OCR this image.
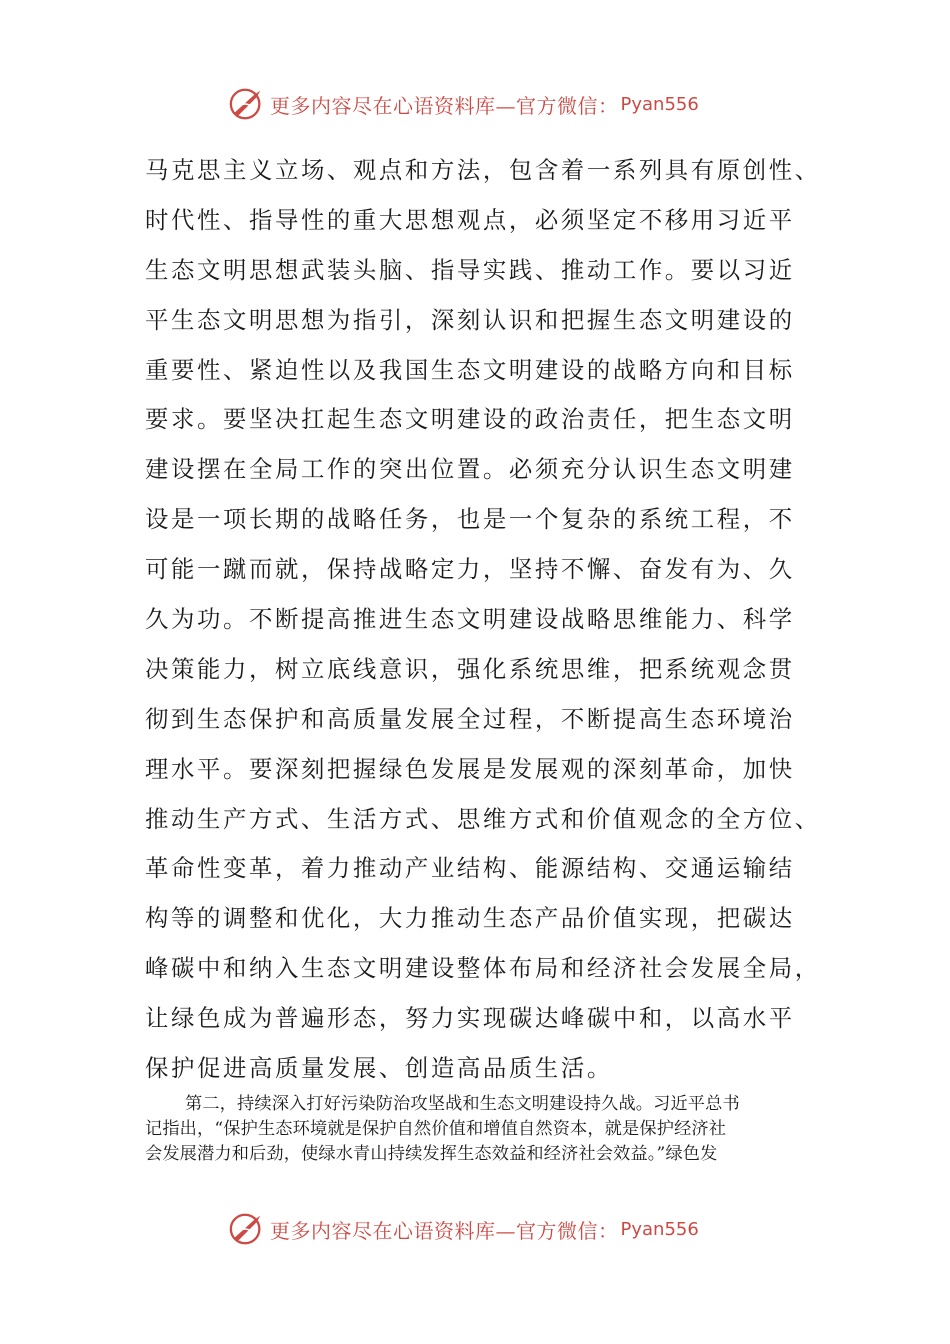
更多内容尽在心语资料库—官方微信： Pyan556
马克思主义立场、观点和方法，包含着一系列具有原创性、
时代性、指导性的重大思想观点，必须坚定不移用习近平
生态文明思想武装头脑、指导实践、推动工作。要以习近
平生态文明思想为指引，深刻认识和把握生态文明建设的
重要性、紧迫性以及我国生态文明建设的战略方向和目标
要求。要坚决扛起生态文明建设的政治责任，把生态文明
建设摆在全局工作的突出位置。必须充分认识生态文明建
设是一项长期的战略任务，也是一个复杂的系统工程，不
可能一蹴而就，保持战略定力，坚持不懈、奋发有为、久
久为功。不断提高推进生态文明建设战略思维能力、科学
决策能力，树立底线意识，强化系统思维，把系统观念贯
彻到生态保护和高质量发展全过程，不断提高生态环境治
理水平。要深刻把握绿色发展是发展观的深刻革命，加快
推动生产方式、生活方式、思维方式和价值观念的全方位、
革命性变革，着力推动产业结构、能源结构、交通运输结
构等的调整和优化，大力推动生态产品价值实现，把碳达
峰碳中和纳入生态文明建设整体布局和经济社会发展全局，
让绿色成为普遍形态，努力实现碳达峰碳中和，以高水平
保护促进高质量发展、创造高品质生活。
第二，持续深入打好污染防治攻坚战和生态文明建设持久战。习近平总书
记指出，“保护生态环境就是保护自然价值和增值自然资本，就是保护经济社
会发展潜力和后劲，使绿水青山持续发挥生态效益和经济社会效益。”绿色发
更多内容尽在心语资料库—官方微信： Pyan556
